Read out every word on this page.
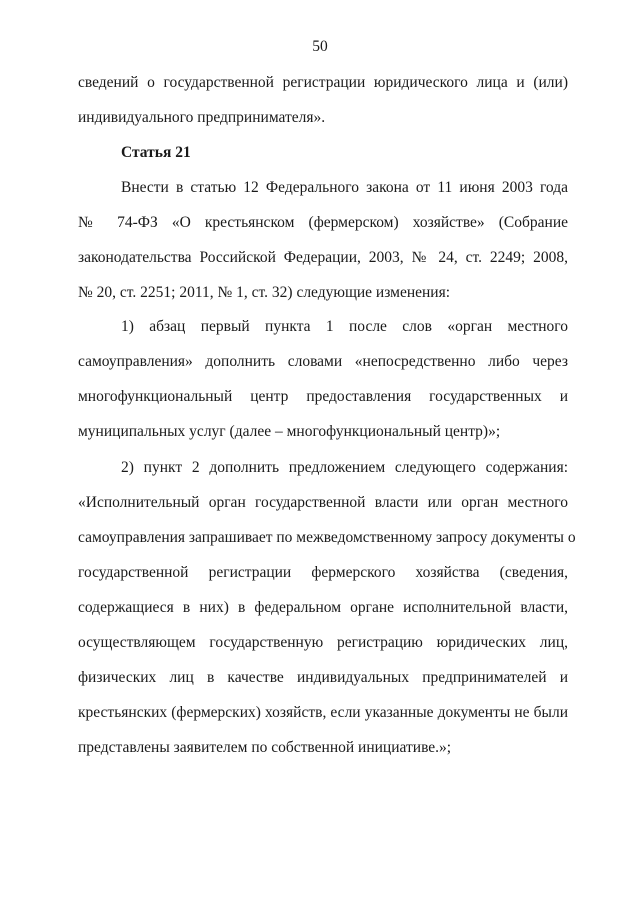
50
сведений о государственной регистрации юридического лица и (или)
индивидуального предпринимателя».
Статья 21
Внести в статью 12 Федерального закона от 11 июня 2003 года
№ 74-ФЗ «О крестьянском (фермерском) хозяйстве» (Собрание
законодательства Российской Федерации, 2003, № 24, ст. 2249; 2008,
№ 20, ст. 2251; 2011, № 1, ст. 32) следующие изменения:
1) абзац первый пункта 1 после слов «орган местного
самоуправления» дополнить словами «непосредственно либо через
многофункциональный центр предоставления государственных и
муниципальных услуг (далее – многофункциональный центр)»;
2) пункт 2 дополнить предложением следующего содержания:
«Исполнительный орган государственной власти или орган местного
самоуправления запрашивает по межведомственному запросу документы о
государственной регистрации фермерского хозяйства (сведения,
содержащиеся в них) в федеральном органе исполнительной власти,
осуществляющем государственную регистрацию юридических лиц,
физических лиц в качестве индивидуальных предпринимателей и
крестьянских (фермерских) хозяйств, если указанные документы не были
представлены заявителем по собственной инициативе.»;
